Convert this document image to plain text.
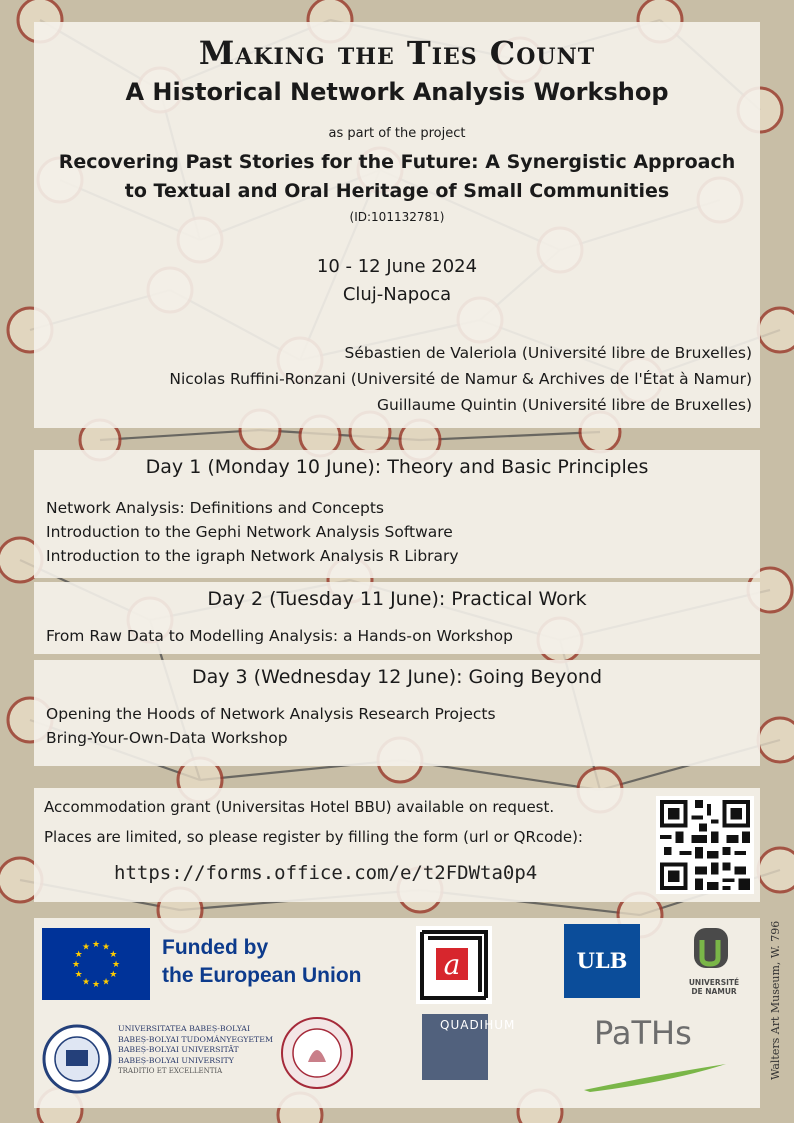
Making the Ties Count
A Historical Network Analysis Workshop
as part of the project
Recovering Past Stories for the Future: A Synergistic Approach
to Textual and Oral Heritage of Small Communities
(ID:101132781)
10 - 12 June 2024
Cluj-Napoca
Sébastien de Valeriola (Université libre de Bruxelles)
Nicolas Ruffini-Ronzani (Université de Namur & Archives de l'État à Namur)
Guillaume Quintin (Université libre de Bruxelles)
Day 1 (Monday 10 June): Theory and Basic Principles
Network Analysis: Definitions and Concepts
Introduction to the Gephi Network Analysis Software
Introduction to the igraph Network Analysis R Library
Day 2 (Tuesday 11 June): Practical Work
From Raw Data to Modelling Analysis: a Hands-on Workshop
Day 3 (Wednesday 12 June): Going Beyond
Opening the Hoods of Network Analysis Research Projects
Bring-Your-Own-Data Workshop
Accommodation grant (Universitas Hotel BBU) available on request.
Places are limited, so please register by filling the form (url or QRcode):
https://forms.office.com/e/t2FDWta0p4
★ ★
★
★
★
★
★
★
★
★
★
★	Funded by
the European Union	a	ULB
UNIVERSITÉ
DE NAMUR
UNIVERSITATEA BABEȘ-BOLYAI
BABEȘ-BOLYAI TUDOMÁNYEGYETEM
BABEȘ-BOLYAI UNIVERSITÄT
BABEȘ-BOLYAI UNIVERSITY
TRADITIO ET EXCELLENTIA
QUADIHUM PaTHs	Walters Art Museum, W. 796
